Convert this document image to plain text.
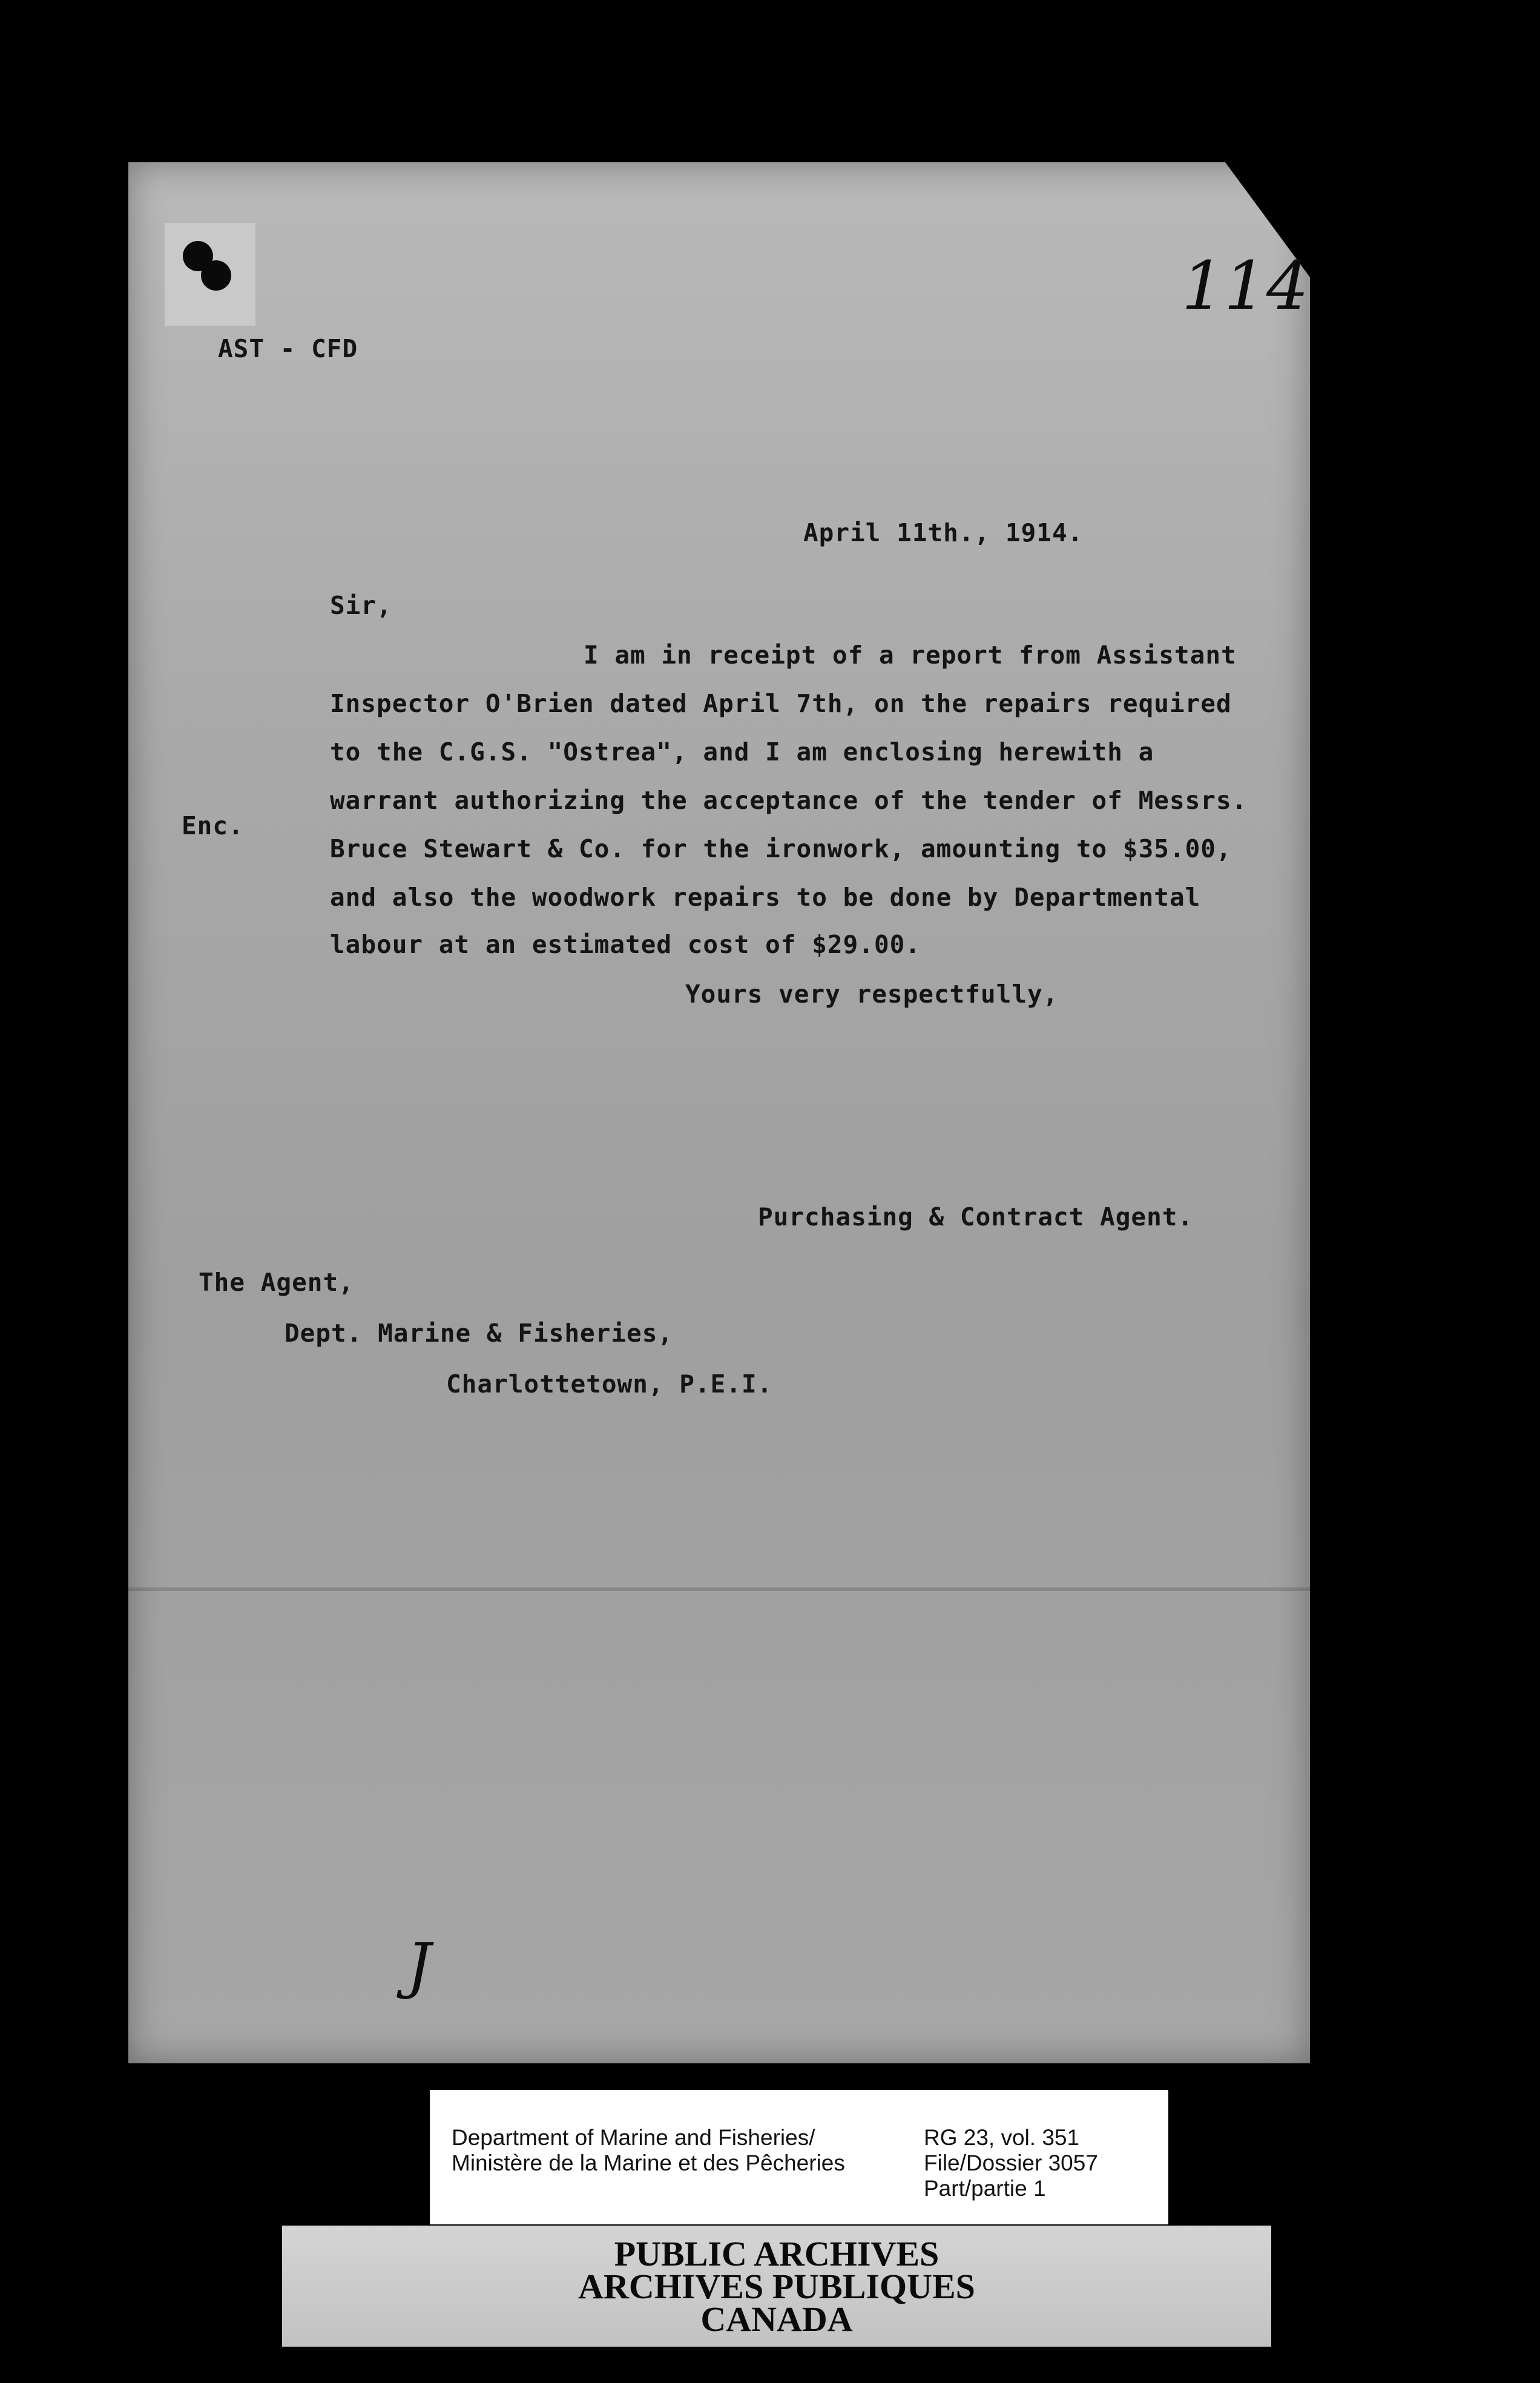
AST - CFD
114
April 11th., 1914.
Sir,
I am in receipt of a report from Assistant
Inspector O'Brien dated April 7th, on the repairs required
to the C.G.S. "Ostrea", and I am enclosing herewith a
warrant authorizing the acceptance of the tender of Messrs.
Bruce Stewart & Co. for the ironwork, amounting to $35.00,
and also the woodwork repairs to be done by Departmental
labour at an estimated cost of $29.00.
Enc.
Yours very respectfully,
Purchasing & Contract Agent.
The Agent,
Dept. Marine & Fisheries,
Charlottetown, P.E.I.
J
Department of Marine and Fisheries/
Ministère de la Marine et des Pêcheries
RG 23, vol. 351
File/Dossier 3057
Part/partie 1
PUBLIC ARCHIVES
ARCHIVES PUBLIQUES
CANADA
